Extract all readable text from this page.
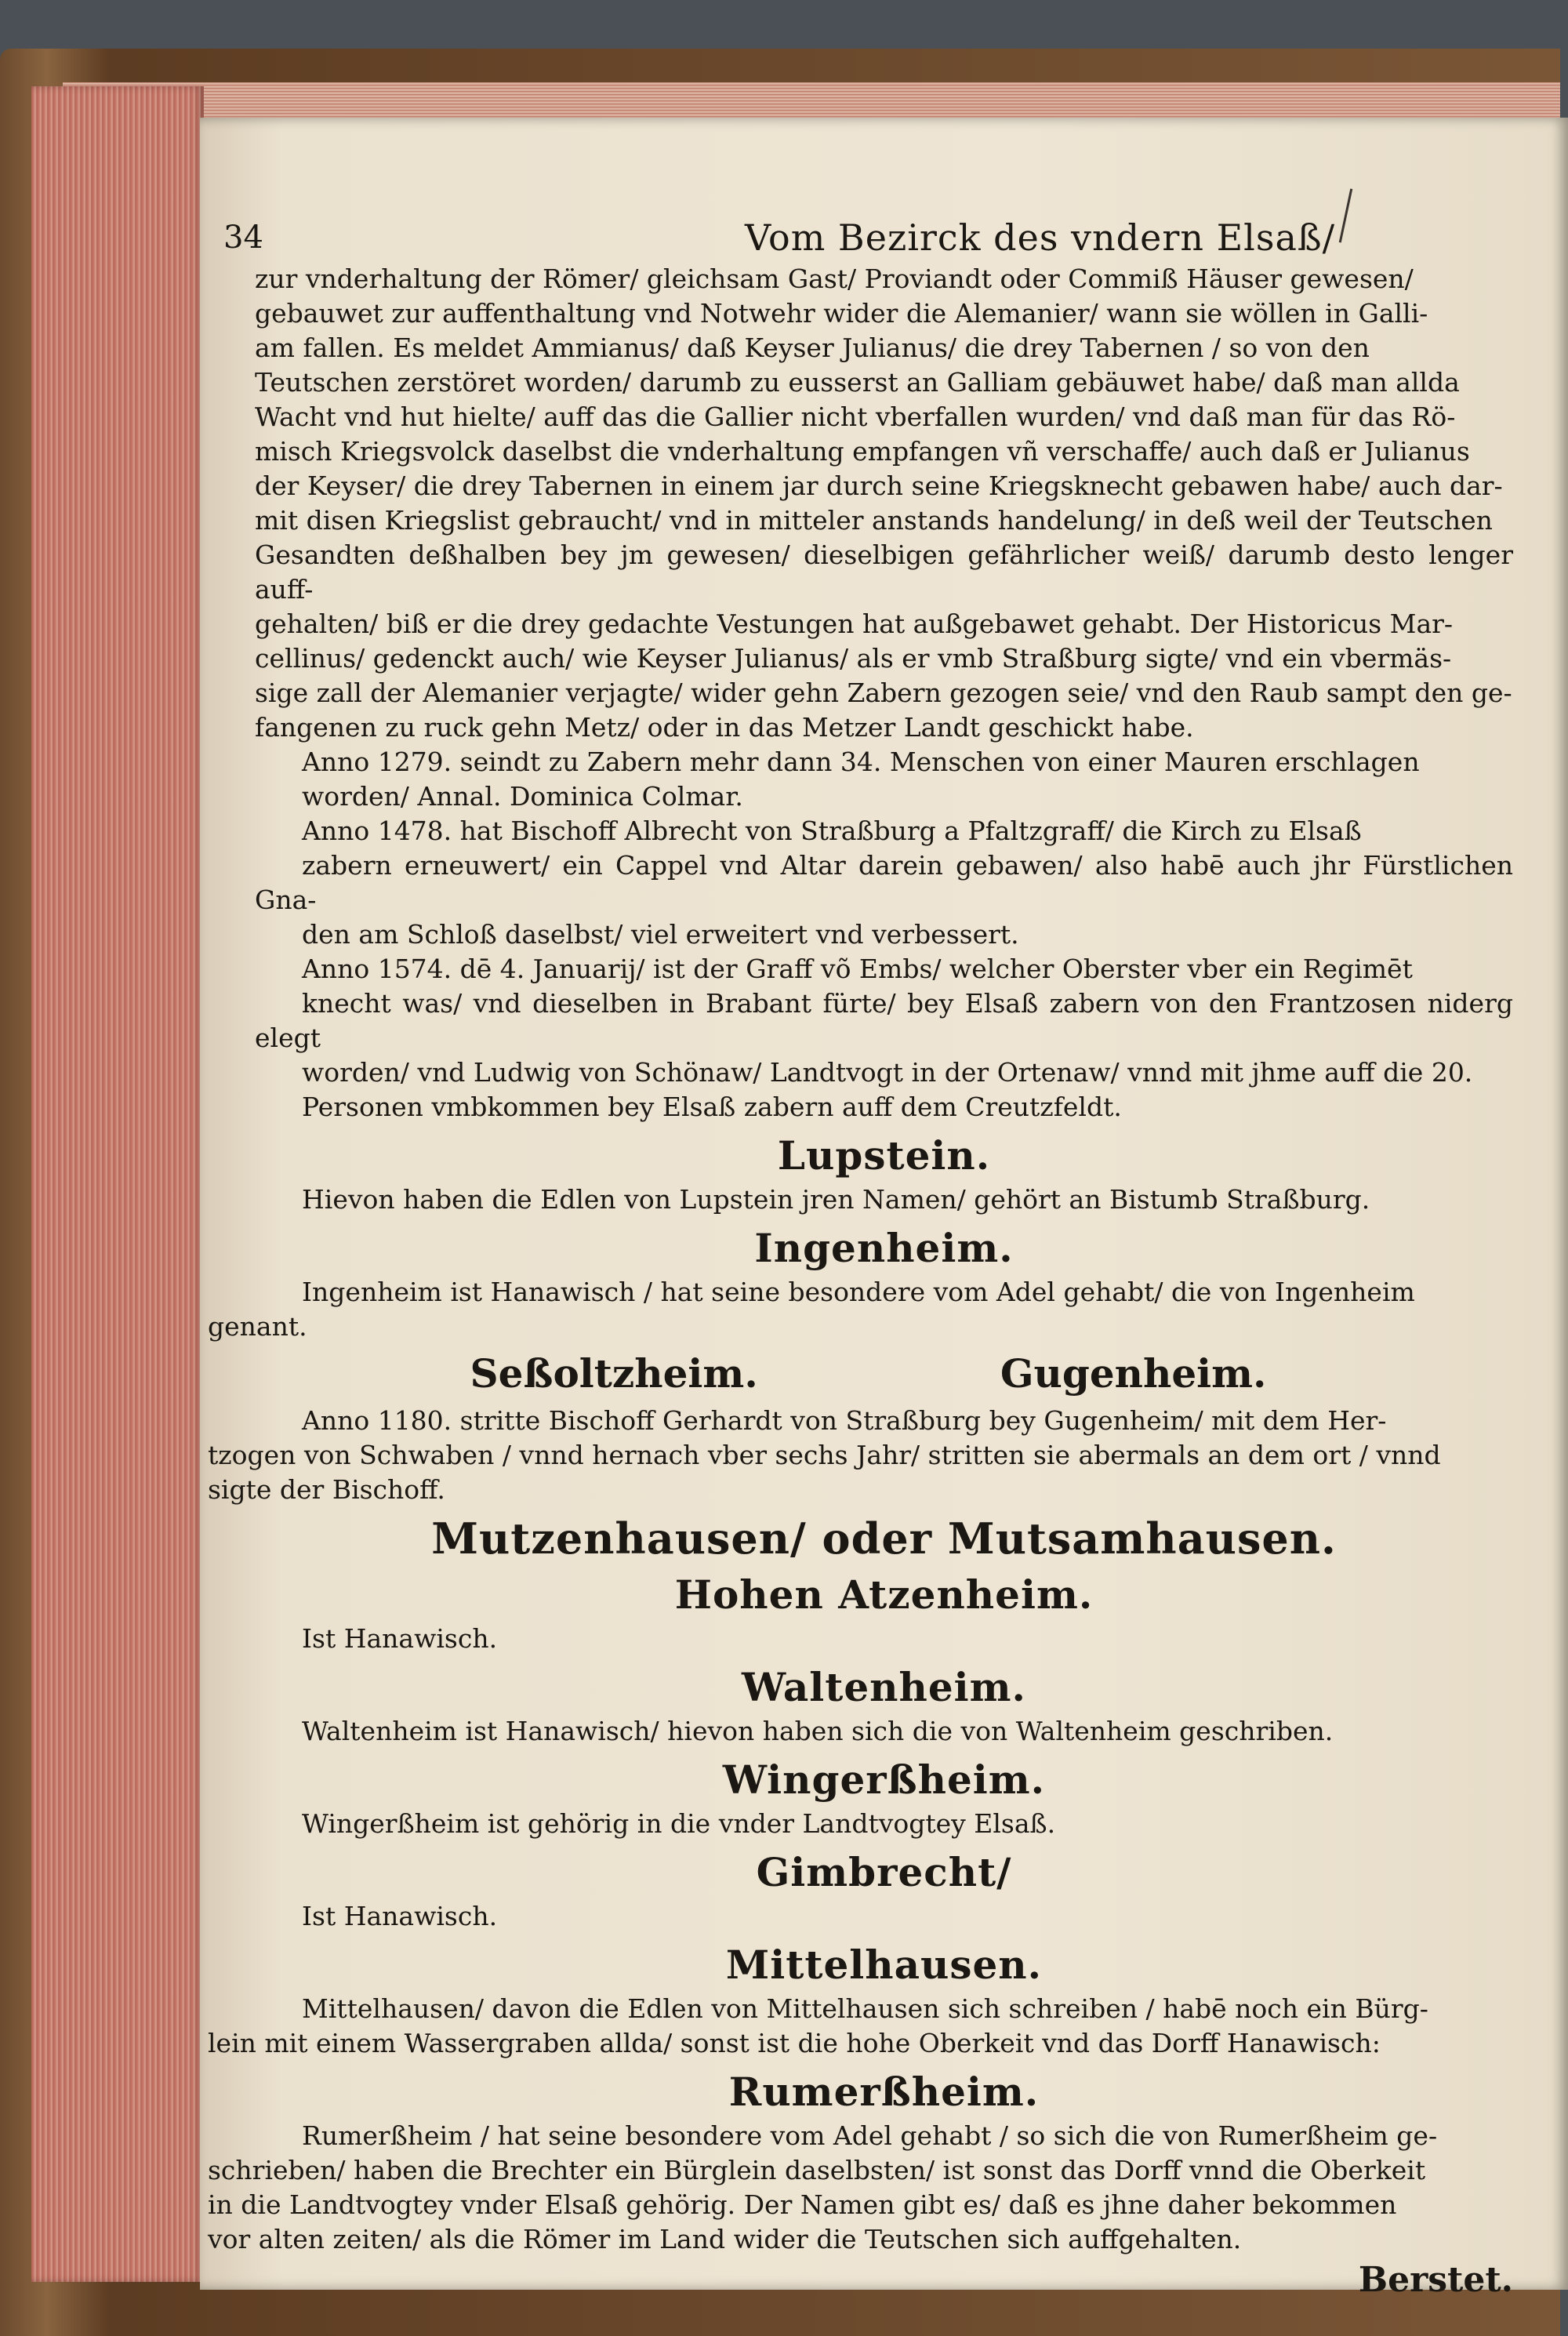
34	Vom Bezirck des vndern Elsaß/

zur vnderhaltung der Römer/ gleichsam Gast/ Proviandt oder Commiß Häuser gewesen/
gebauwet zur auffenthaltung vnd Notwehr wider die Alemanier/ wann sie wöllen in Galli-
am fallen. Es meldet Ammianus/ daß Keyser Julianus/ die drey Tabernen / so von den
Teutschen zerstöret worden/ darumb zu eusserst an Galliam gebäuwet habe/ daß man allda
Wacht vnd hut hielte/ auff das die Gallier nicht vberfallen wurden/ vnd daß man für das Rö-
misch Kriegsvolck daselbst die vnderhaltung empfangen vñ verschaffe/ auch daß er Julianus
der Keyser/ die drey Tabernen in einem jar durch seine Kriegsknecht gebawen habe/ auch dar-
mit disen Kriegslist gebraucht/ vnd in mitteler anstands handelung/ in deß weil der Teutschen
Gesandten deßhalben bey jm gewesen/ dieselbigen gefährlicher weiß/ darumb desto lenger auff-
gehalten/ biß er die drey gedachte Vestungen hat außgebawet gehabt. Der Historicus Mar-
cellinus/ gedenckt auch/ wie Keyser Julianus/ als er vmb Straßburg sigte/ vnd ein vbermäs-
sige zall der Alemanier verjagte/ wider gehn Zabern gezogen seie/ vnd den Raub sampt den ge-
fangenen zu ruck gehn Metz/ oder in das Metzer Landt geschickt habe.

Anno 1279. seindt zu Zabern mehr dann 34. Menschen von einer Mauren erschlagen
worden/ Annal. Dominica Colmar.

Anno 1478. hat Bischoff Albrecht von Straßburg a Pfaltzgraff/ die Kirch zu Elsaß
zabern erneuwert/ ein Cappel vnd Altar darein gebawen/ also habē auch jhr Fürstlichen Gna-
den am Schloß daselbst/ viel erweitert vnd verbessert.

Anno 1574. dē 4. Januarij/ ist der Graff võ Embs/ welcher Oberster vber ein Regimēt
knecht was/ vnd dieselben in Brabant fürte/ bey Elsaß zabern von den Frantzosen niderg elegt
worden/ vnd Ludwig von Schönaw/ Landtvogt in der Ortenaw/ vnnd mit jhme auff die 20.
Personen vmbkommen bey Elsaß zabern auff dem Creutzfeldt.

Lupstein.

Hievon haben die Edlen von Lupstein jren Namen/ gehört an Bistumb Straßburg.

Ingenheim.

Ingenheim ist Hanawisch / hat seine besondere vom Adel gehabt/ die von Ingenheim
genant.

Seßoltzheim.	Gugenheim.

Anno 1180. stritte Bischoff Gerhardt von Straßburg bey Gugenheim/ mit dem Her-
tzogen von Schwaben / vnnd hernach vber sechs Jahr/ stritten sie abermals an dem ort / vnnd
sigte der Bischoff.

Mutzenhausen/ oder Mutsamhausen.
Hohen Atzenheim.

Ist Hanawisch.

Waltenheim.

Waltenheim ist Hanawisch/ hievon haben sich die von Waltenheim geschriben.

Wingerßheim.

Wingerßheim ist gehörig in die vnder Landtvogtey Elsaß.

Gimbrecht/

Ist Hanawisch.

Mittelhausen.

Mittelhausen/ davon die Edlen von Mittelhausen sich schreiben / habē noch ein Bürg-
lein mit einem Wassergraben allda/ sonst ist die hohe Oberkeit vnd das Dorff Hanawisch:

Rumerßheim.

Rumerßheim / hat seine besondere vom Adel gehabt / so sich die von Rumerßheim ge-
schrieben/ haben die Brechter ein Bürglein daselbsten/ ist sonst das Dorff vnnd die Oberkeit
in die Landtvogtey vnder Elsaß gehörig. Der Namen gibt es/ daß es jhne daher bekommen
vor alten zeiten/ als die Römer im Land wider die Teutschen sich auffgehalten.

Berstet.
